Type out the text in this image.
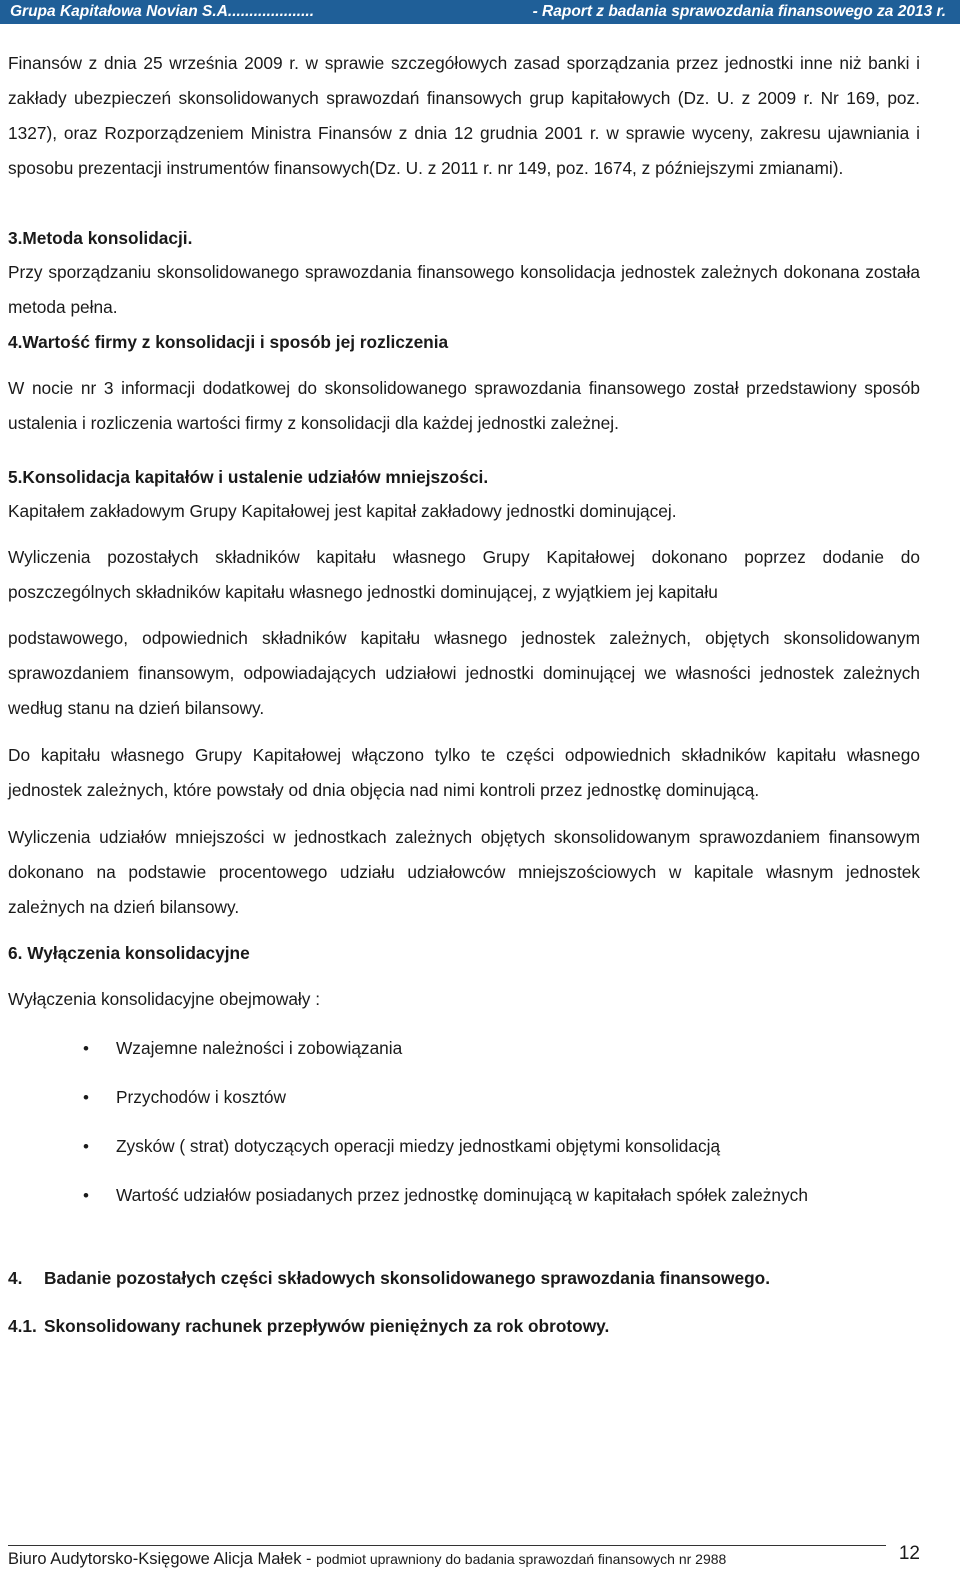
Grupa Kapitałowa Novian S.A....................	- Raport z badania sprawozdania finansowego za 2013 r.

Finansów z dnia 25 września 2009 r. w sprawie szczegółowych zasad sporządzania przez jednostki inne niż banki i zakłady ubezpieczeń skonsolidowanych sprawozdań finansowych grup kapitałowych (Dz. U. z 2009 r. Nr 169, poz. 1327), oraz Rozporządzeniem Ministra Finansów z dnia 12 grudnia 2001 r. w sprawie wyceny, zakresu ujawniania i sposobu prezentacji instrumentów finansowych(Dz. U. z 2011 r. nr 149, poz. 1674, z późniejszymi zmianami).

3.Metoda konsolidacji.

Przy sporządzaniu skonsolidowanego sprawozdania finansowego konsolidacja jednostek zależnych dokonana została metoda pełna.

4.Wartość firmy z konsolidacji i sposób jej rozliczenia

W nocie nr 3 informacji dodatkowej do skonsolidowanego sprawozdania finansowego został przedstawiony sposób ustalenia i rozliczenia wartości firmy z konsolidacji dla każdej jednostki zależnej.

5.Konsolidacja kapitałów i ustalenie udziałów mniejszości.

Kapitałem zakładowym Grupy Kapitałowej jest kapitał zakładowy jednostki dominującej.

Wyliczenia pozostałych składników kapitału własnego Grupy Kapitałowej dokonano poprzez dodanie do poszczególnych składników kapitału własnego jednostki dominującej, z wyjątkiem jej kapitału

podstawowego, odpowiednich składników kapitału własnego jednostek zależnych, objętych skonsolidowanym sprawozdaniem finansowym, odpowiadających udziałowi jednostki dominującej we własności jednostek zależnych według stanu na dzień bilansowy.

Do kapitału własnego Grupy Kapitałowej włączono tylko te części odpowiednich składników kapitału własnego jednostek zależnych, które powstały od dnia objęcia nad nimi kontroli przez jednostkę dominującą.

Wyliczenia udziałów mniejszości w jednostkach zależnych objętych skonsolidowanym sprawozdaniem finansowym dokonano na podstawie procentowego udziału udziałowców mniejszościowych w kapitale własnym jednostek zależnych na dzień bilansowy.

6. Wyłączenia konsolidacyjne

Wyłączenia konsolidacyjne obejmowały :

• Wzajemne należności i zobowiązania
• Przychodów i kosztów
• Zysków ( strat) dotyczących operacji miedzy jednostkami objętymi konsolidacją
• Wartość udziałów posiadanych przez jednostkę dominującą w kapitałach spółek zależnych

4. Badanie pozostałych części składowych skonsolidowanego sprawozdania finansowego.

4.1. Skonsolidowany rachunek przepływów pieniężnych za rok obrotowy.

Biuro Audytorsko-Księgowe Alicja Małek - podmiot uprawniony do badania sprawozdań finansowych nr 2988	12
